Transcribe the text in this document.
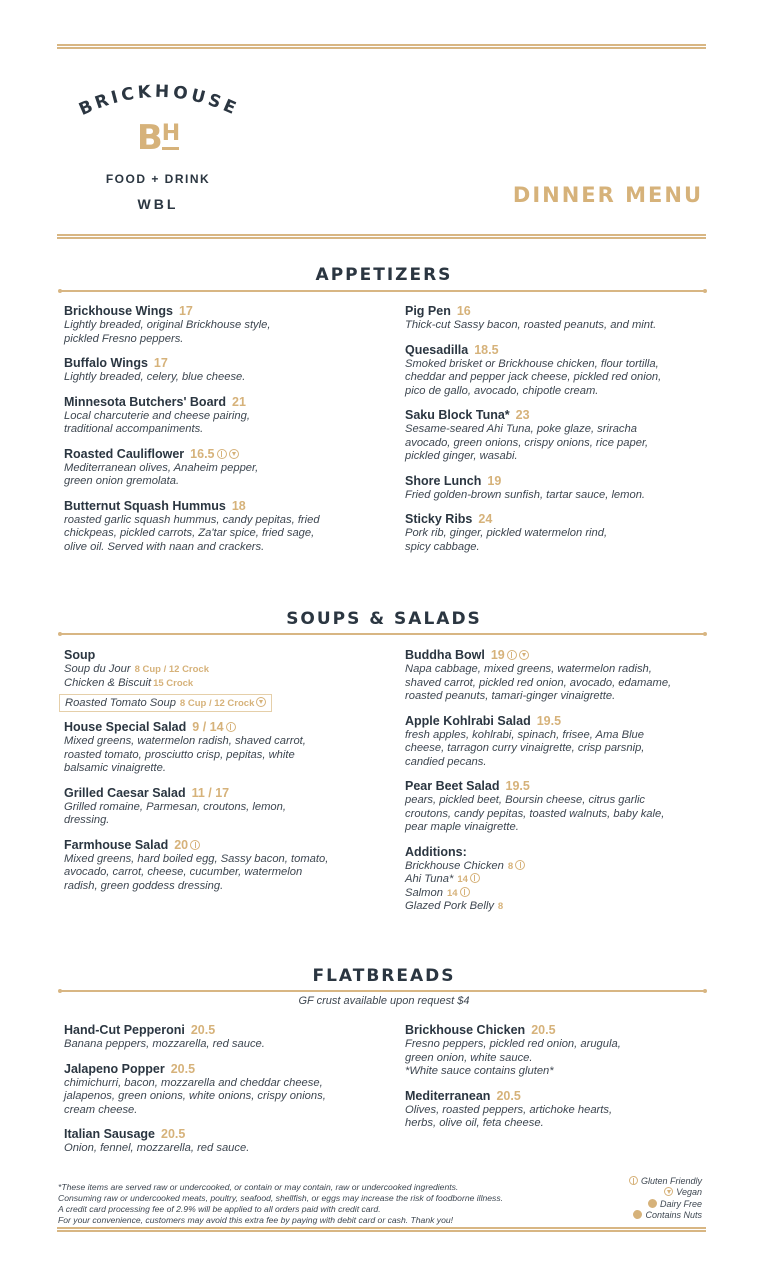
BRICKHOUSE
BH
FOOD + DRINK
WBL	DINNER MENU
APPETIZERS
Brickhouse Wings 17
Lightly breaded, original Brickhouse style,
pickled Fresno peppers.
Buffalo Wings 17
Lightly breaded, celery, blue cheese.
Minnesota Butchers' Board 21
Local charcuterie and cheese pairing,
traditional accompaniments.
Roasted Cauliflower 16.5
Mediterranean olives, Anaheim pepper,
green onion gremolata.
Butternut Squash Hummus 18
roasted garlic squash hummus, candy pepitas, fried
chickpeas, pickled carrots, Za'tar spice, fried sage,
olive oil. Served with naan and crackers.
Pig Pen 16
Thick-cut Sassy bacon, roasted peanuts, and mint.
Quesadilla 18.5
Smoked brisket or Brickhouse chicken, flour tortilla,
cheddar and pepper jack cheese, pickled red onion,
pico de gallo, avocado, chipotle cream.
Saku Block Tuna* 23
Sesame-seared Ahi Tuna, poke glaze, sriracha
avocado, green onions, crispy onions, rice paper,
pickled ginger, wasabi.
Shore Lunch 19
Fried golden-brown sunfish, tartar sauce, lemon.
Sticky Ribs 24
Pork rib, ginger, pickled watermelon rind,
spicy cabbage.
SOUPS & SALADS
Soup
Soup du Jour 8 Cup / 12 Crock
Chicken & Biscuit 15 Crock
Roasted Tomato Soup 8 Cup / 12 Crock
House Special Salad 9 / 14
Mixed greens, watermelon radish, shaved carrot,
roasted tomato, prosciutto crisp, pepitas, white
balsamic vinaigrette.
Grilled Caesar Salad 11 / 17
Grilled romaine, Parmesan, croutons, lemon,
dressing.
Farmhouse Salad 20
Mixed greens, hard boiled egg, Sassy bacon, tomato,
avocado, carrot, cheese, cucumber, watermelon
radish, green goddess dressing.
Buddha Bowl 19
Napa cabbage, mixed greens, watermelon radish,
shaved carrot, pickled red onion, avocado, edamame,
roasted peanuts, tamari-ginger vinaigrette.
Apple Kohlrabi Salad 19.5
fresh apples, kohlrabi, spinach, frisee, Ama Blue
cheese, tarragon curry vinaigrette, crisp parsnip,
candied pecans.
Pear Beet Salad 19.5
pears, pickled beet, Boursin cheese, citrus garlic
croutons, candy pepitas, toasted walnuts, baby kale,
pear maple vinaigrette.
Additions:
Brickhouse Chicken 8
Ahi Tuna* 14
Salmon 14
Glazed Pork Belly 8
FLATBREADS
GF crust available upon request $4
Hand-Cut Pepperoni 20.5
Banana peppers, mozzarella, red sauce.
Jalapeno Popper 20.5
chimichurri, bacon, mozzarella and cheddar cheese,
jalapenos, green onions, white onions, crispy onions,
cream cheese.
Italian Sausage 20.5
Onion, fennel, mozzarella, red sauce.
Brickhouse Chicken 20.5
Fresno peppers, pickled red onion, arugula,
green onion, white sauce.
*White sauce contains gluten*
Mediterranean 20.5
Olives, roasted peppers, artichoke hearts,
herbs, olive oil, feta cheese.
*These items are served raw or undercooked, or contain or may contain, raw or undercooked ingredients.
Consuming raw or undercooked meats, poultry, seafood, shellfish, or eggs may increase the risk of foodborne illness.
A credit card processing fee of 2.9% will be applied to all orders paid with credit card.
For your convenience, customers may avoid this extra fee by paying with debit card or cash. Thank you!
Gluten Friendly
Vegan
Dairy Free
Contains Nuts
